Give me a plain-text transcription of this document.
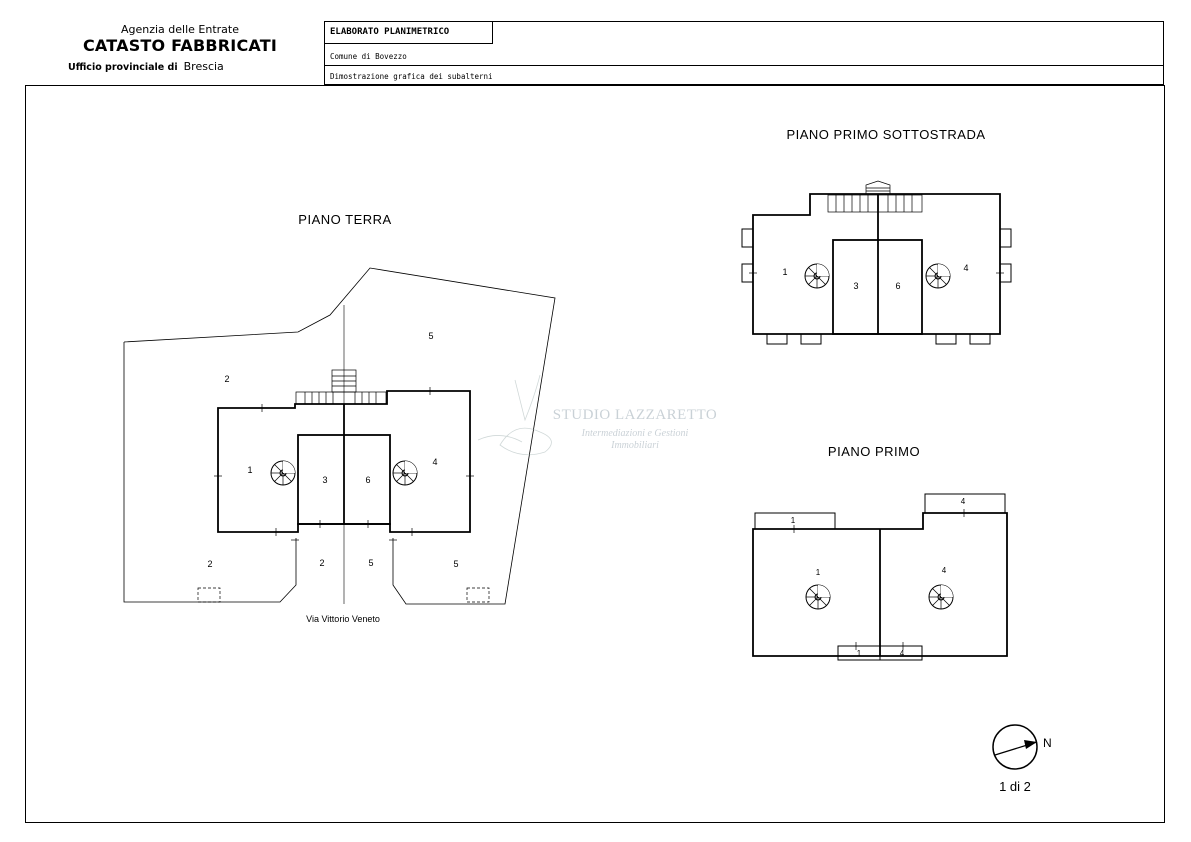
Agenzia delle Entrate
CATASTO FABBRICATI
Ufficio provinciale di Brescia
ELABORATO PLANIMETRICO
Comune di Bovezzo
Dimostrazione grafica dei subalterni
PIANO TERRA
2
5
1
3	6
4
2	2	5	5
Via Vittorio Veneto
PIANO PRIMO SOTTOSTRADA
1
3	6
4
PIANO PRIMO
1
4
1	4
1	4
STUDIO LAZZARETTO
Intermediazioni e Gestioni
Immobiliari
N
1 di 2
